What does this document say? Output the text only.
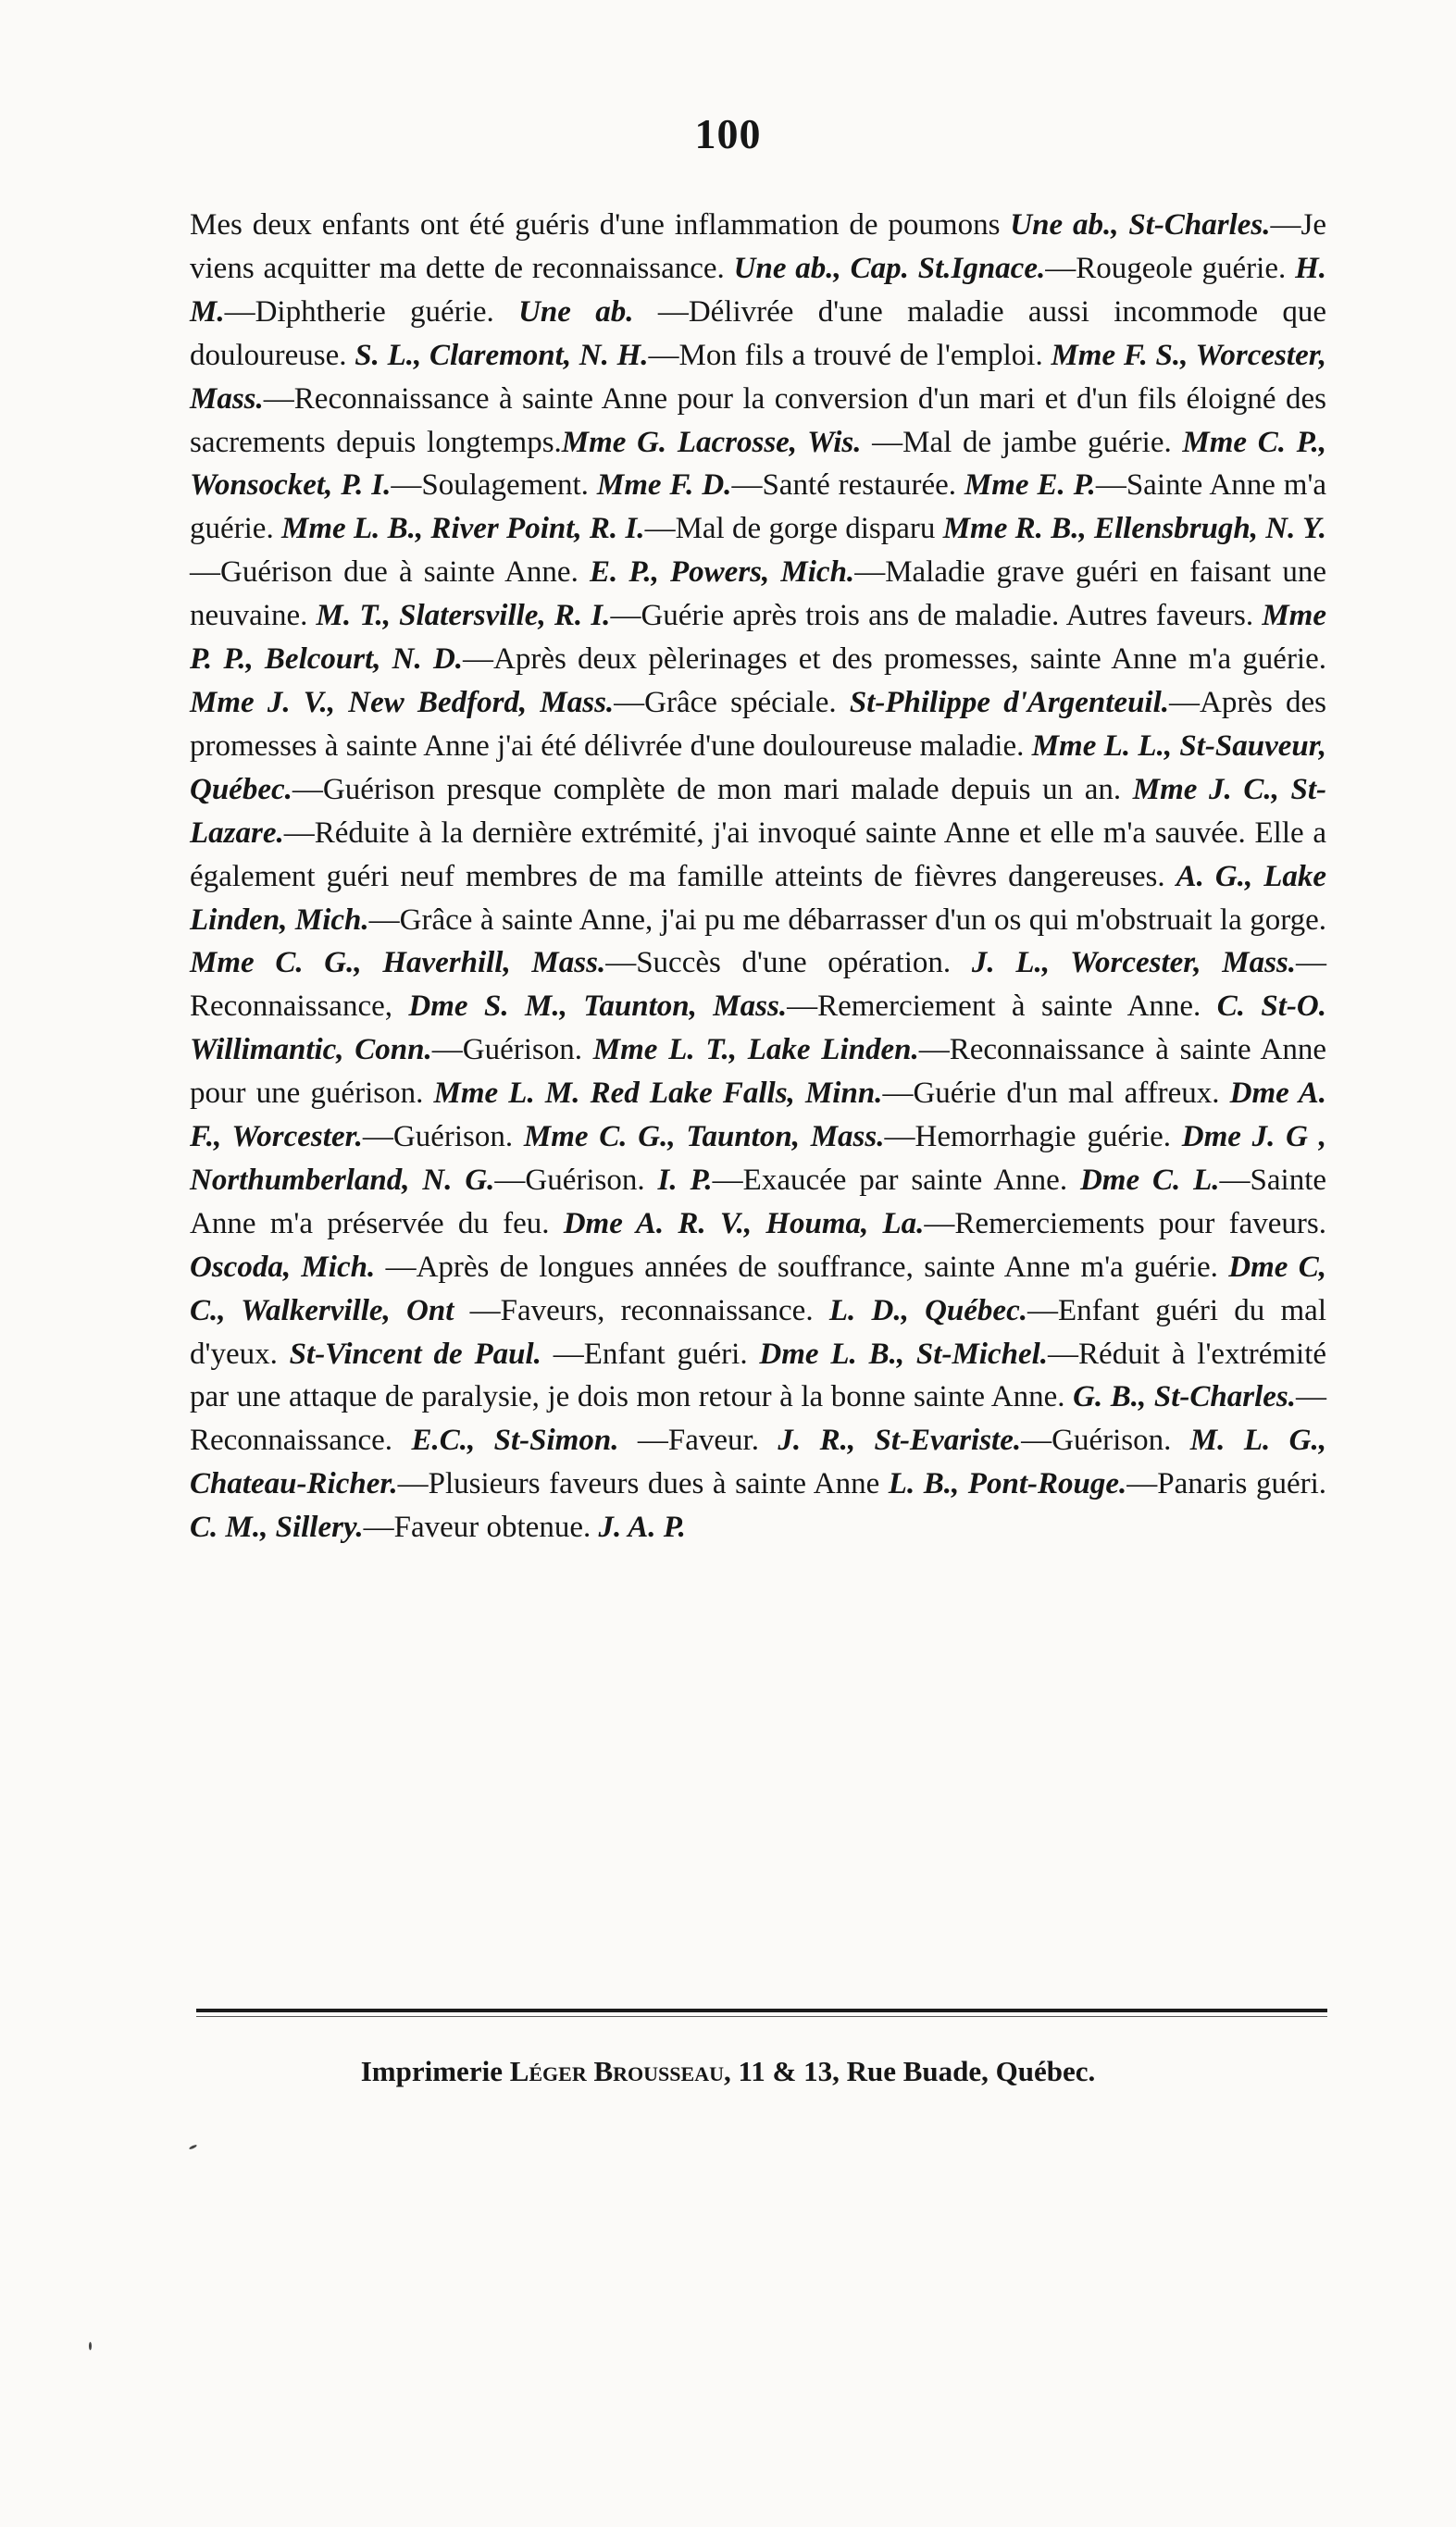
100

Mes deux enfants ont été guéris d'une inflammation de poumons Une ab., St-Charles.—Je viens acquitter ma dette de reconnaissance. Une ab., Cap. St.Ignace.—Rougeole guérie. H. M.—Diphtherie guérie. Une ab. —Délivrée d'une maladie aussi incommode que douloureuse. S. L., Claremont, N. H.—Mon fils a trouvé de l'emploi. Mme F. S., Worcester, Mass.—Reconnaissance à sainte Anne pour la conversion d'un mari et d'un fils éloigné des sacrements depuis longtemps.Mme G. Lacrosse, Wis. —Mal de jambe guérie. Mme C. P., Wonsocket, P. I.—Soulagement. Mme F. D.—Santé restaurée. Mme E. P.—Sainte Anne m'a guérie. Mme L. B., River Point, R. I.—Mal de gorge disparu Mme R. B., Ellensbrugh, N. Y.—Guérison due à sainte Anne. E. P., Powers, Mich.—Maladie grave guéri en faisant une neuvaine. M. T., Slatersville, R. I.—Guérie après trois ans de maladie. Autres faveurs. Mme P. P., Belcourt, N. D.—Après deux pèlerinages et des promesses, sainte Anne m'a guérie. Mme J. V., New Bedford, Mass.—Grâce spéciale. St-Philippe d'Argenteuil.—Après des promesses à sainte Anne j'ai été délivrée d'une douloureuse maladie. Mme L. L., St-Sauveur, Québec.—Guérison presque complète de mon mari malade depuis un an. Mme J. C., St-Lazare.—Réduite à la dernière extrémité, j'ai invoqué sainte Anne et elle m'a sauvée. Elle a également guéri neuf membres de ma famille atteints de fièvres dangereuses. A. G., Lake Linden, Mich.—Grâce à sainte Anne, j'ai pu me débarrasser d'un os qui m'obstruait la gorge. Mme C. G., Haverhill, Mass.—Succès d'une opération. J. L., Worcester, Mass.—Reconnaissance, Dme S. M., Taunton, Mass.—Remerciement à sainte Anne. C. St-O. Willimantic, Conn.—Guérison. Mme L. T., Lake Linden.—Reconnaissance à sainte Anne pour une guérison. Mme L. M. Red Lake Falls, Minn.—Guérie d'un mal affreux. Dme A. F., Worcester.—Guérison. Mme C. G., Taunton, Mass.—Hemorrhagie guérie. Dme J. G , Northumberland, N. G.—Guérison. I. P.—Exaucée par sainte Anne. Dme C. L.—Sainte Anne m'a préservée du feu. Dme A. R. V., Houma, La.—Remerciements pour faveurs. Oscoda, Mich. —Après de longues années de souffrance, sainte Anne m'a guérie. Dme C, C., Walkerville, Ont —Faveurs, reconnaissance. L. D., Québec.—Enfant guéri du mal d'yeux. St-Vincent de Paul. —Enfant guéri. Dme L. B., St-Michel.—Réduit à l'extrémité par une attaque de paralysie, je dois mon retour à la bonne sainte Anne. G. B., St-Charles.—Reconnaissance. E.C., St-Simon. —Faveur. J. R., St-Evariste.—Guérison. M. L. G., Chateau-Richer.—Plusieurs faveurs dues à sainte Anne L. B., Pont-Rouge.—Panaris guéri. C. M., Sillery.—Faveur obtenue. J. A. P.

Imprimerie Léger Brousseau, 11 & 13, Rue Buade, Québec.
